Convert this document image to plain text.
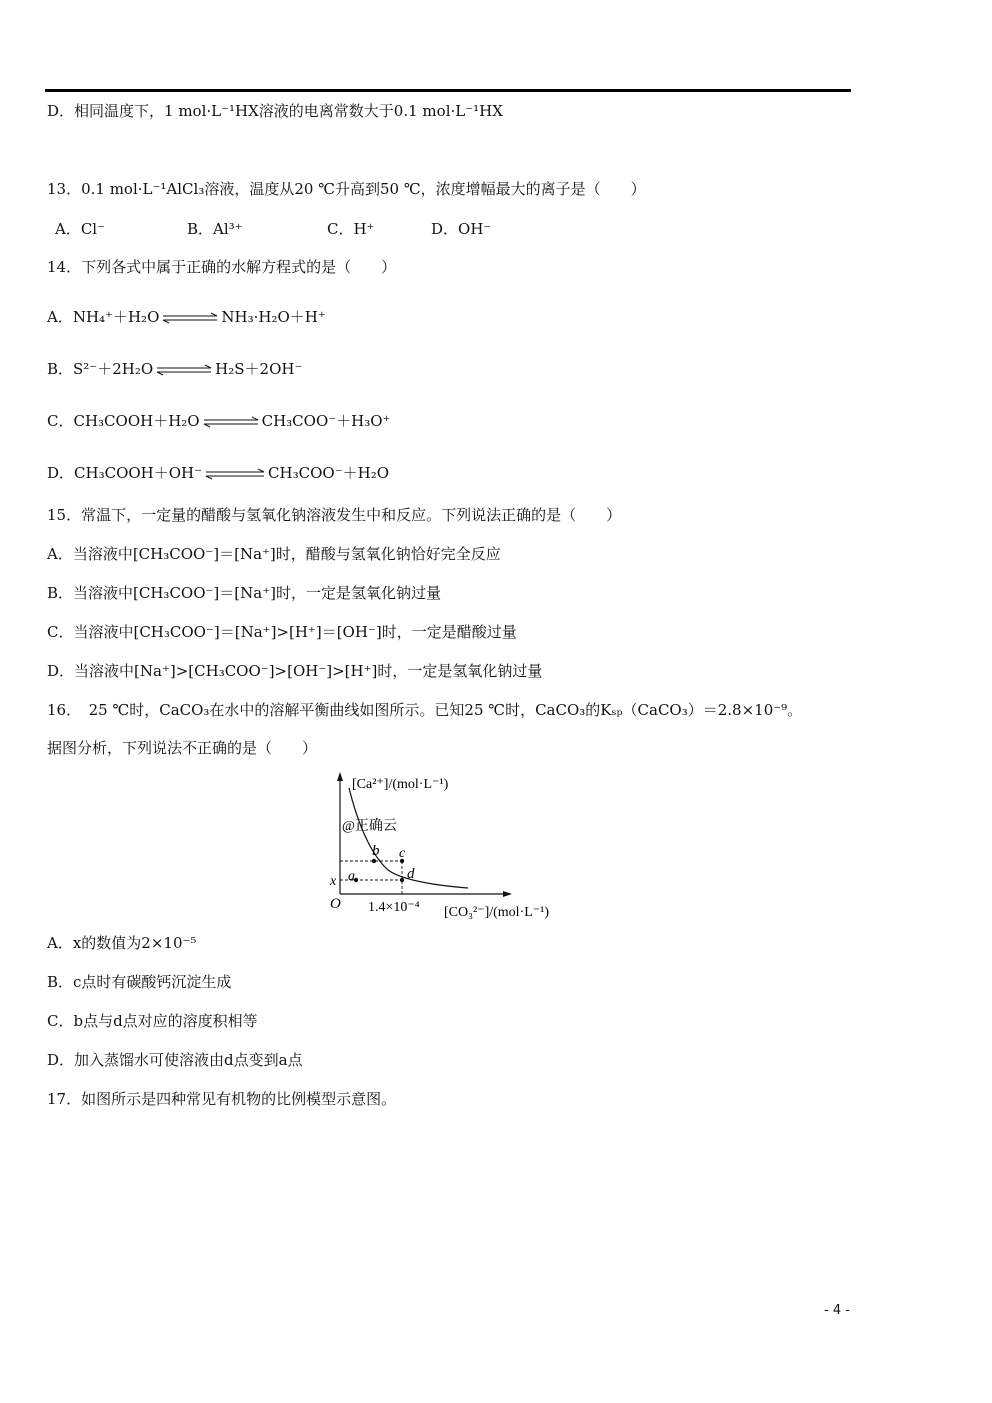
D．相同温度下，1 mol·L⁻¹HX溶液的电离常数大于0.1 mol·L⁻¹HX
13．0.1 mol·L⁻¹AlCl₃溶液，温度从20 ℃升高到50 ℃，浓度增幅最大的离子是（　　）
A．Cl⁻	B．Al³⁺	C．H⁺	D．OH⁻
14．下列各式中属于正确的水解方程式的是（　　）
A．NH₄⁺＋H₂O ⇌ NH₃·H₂O＋H⁺
B．S²⁻＋2H₂O ⇌ H₂S＋2OH⁻
C．CH₃COOH＋H₂O ⇌ CH₃COO⁻＋H₃O⁺
D．CH₃COOH＋OH⁻	CH₃COO⁻＋H₂O
15．常温下，一定量的醋酸与氢氧化钠溶液发生中和反应。下列说法正确的是（　　）
A．当溶液中[CH₃COO⁻]＝[Na⁺]时，醋酸与氢氧化钠恰好完全反应
B．当溶液中[CH₃COO⁻]＝[Na⁺]时，一定是氢氧化钠过量
C．当溶液中[CH₃COO⁻]＝[Na⁺]>[H⁺]＝[OH⁻]时，一定是醋酸过量
D．当溶液中[Na⁺]>[CH₃COO⁻]>[OH⁻]>[H⁺]时，一定是氢氧化钠过量
16．　25 ℃时，CaCO₃在水中的溶解平衡曲线如图所示。已知25 ℃时，CaCO₃的Kₛₚ（CaCO₃）＝2.8×10⁻⁹。
据图分析，下列说法不正确的是（　　）
[Ca²⁺]/(mol·L⁻¹)
@正确云
b c
d
a
x
O 1.4×10⁻⁴ [CO₃²⁻]/(mol·L⁻¹)
A．x的数值为2×10⁻⁵
B．c点时有碳酸钙沉淀生成
C．b点与d点对应的溶度积相等
D．加入蒸馏水可使溶液由d点变到a点
17．如图所示是四种常见有机物的比例模型示意图。
- 4 -
